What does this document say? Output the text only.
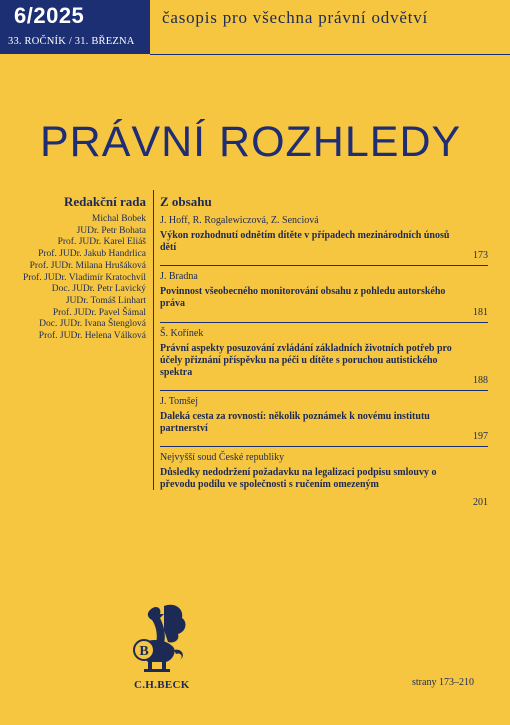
6/2025
33. ROČNÍK / 31. BŘEZNA
časopis pro všechna právní odvětví
PRÁVNÍ ROZHLEDY
Redakční rada
Michal Bobek
JUDr. Petr Bohata
Prof. JUDr. Karel Eliáš
Prof. JUDr. Jakub Handrlica
Prof. JUDr. Milana Hrušáková
Prof. JUDr. Vladimír Kratochvíl
Doc. JUDr. Petr Lavický
JUDr. Tomáš Linhart
Prof. JUDr. Pavel Šámal
Doc. JUDr. Ivana Štenglová
Prof. JUDr. Helena Válková
Z obsahu
J. Hoff, R. Rogalewiczová, Z. Senciová
Výkon rozhodnutí odnětím dítěte v případech mezinárodních únosů dětí
173
J. Bradna
Povinnost všeobecného monitorování obsahu z pohledu autorského práva
181
Š. Kořínek
Právní aspekty posuzování zvládání základních životních potřeb pro účely přiznání příspěvku na péči u dítěte s poruchou autistického spektra
188
J. Tomšej
Daleká cesta za rovností: několik poznámek k novému institutu partnerství
197
Nejvyšší soud České republiky
Důsledky nedodržení požadavku na legalizaci podpisu smlouvy o převodu podílu ve společnosti s ručením omezeným
201
B
C.H.BECK	strany 173–210
